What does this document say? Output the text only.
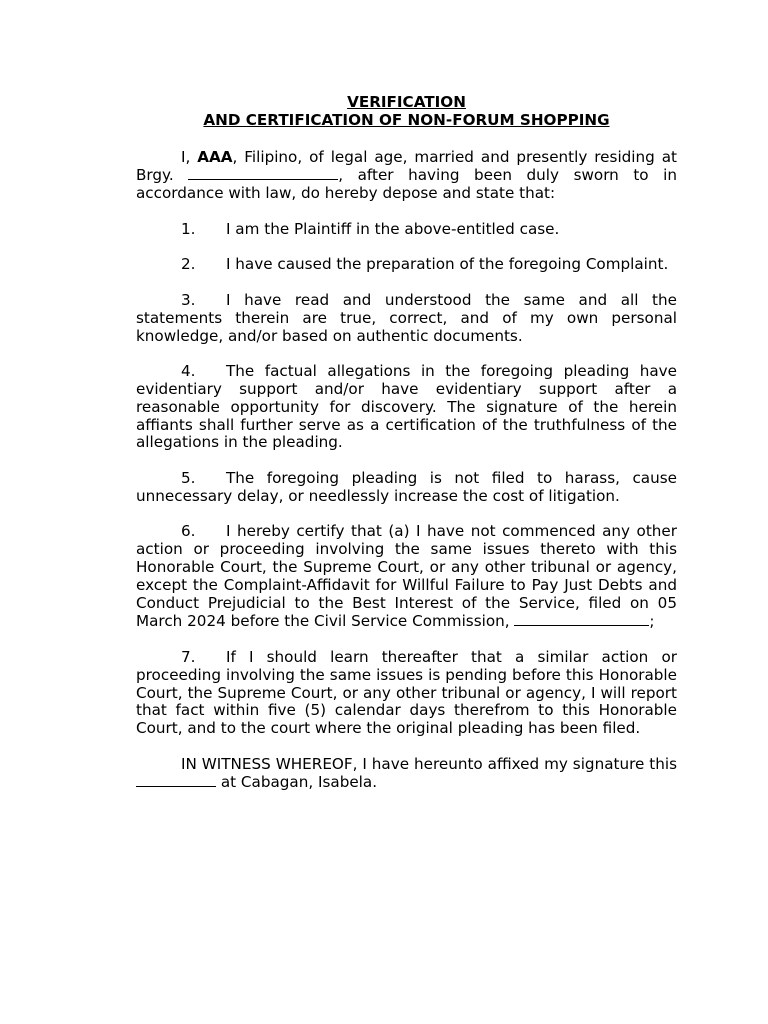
VERIFICATION

AND CERTIFICATION OF NON-FORUM SHOPPING

I, AAA, Filipino, of legal age, married and presently residing at Brgy.	, after having been duly sworn to in accordance with law, do hereby depose and state that:

1. I am the Plaintiff in the above-entitled case.

2. I have caused the preparation of the foregoing Complaint.

3. I have read and understood the same and all the statements therein are true, correct, and of my own personal knowledge, and/or based on authentic documents.

4. The factual allegations in the foregoing pleading have evidentiary support and/or have evidentiary support after a reasonable opportunity for discovery. The signature of the herein affiants shall further serve as a certification of the truthfulness of the allegations in the pleading.

5. The foregoing pleading is not filed to harass, cause unnecessary delay, or needlessly increase the cost of litigation.

6. I hereby certify that (a) I have not commenced any other action or proceeding involving the same issues thereto with this Honorable Court, the Supreme Court, or any other tribunal or agency, except the Complaint-Affidavit for Willful Failure to Pay Just Debts and Conduct Prejudicial to the Best Interest of the Service, filed on 05 March 2024 before the Civil Service Commission,	;

7. If I should learn thereafter that a similar action or proceeding involving the same issues is pending before this Honorable Court, the Supreme Court, or any other tribunal or agency, I will report that fact within five (5) calendar days therefrom to this Honorable Court, and to the court where the original pleading has been filed.

IN WITNESS WHEREOF, I have hereunto affixed my signature this  at Cabagan, Isabela.
